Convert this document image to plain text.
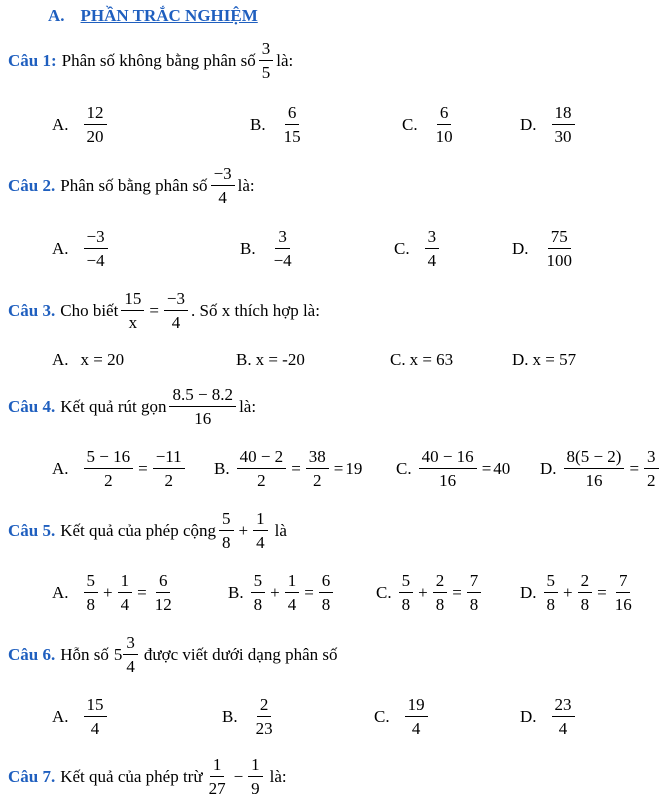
A. PHẦN TRẮC NGHIỆM
Câu 1: Phân số không bằng phân số $\frac{3}{5}$ là:
A. $\frac{12}{20}$	B. $\frac{6}{15}$	C. $\frac{6}{10}$	D. $\frac{18}{30}$
Câu 2. Phân số bằng phân số $\frac{-3}{4}$ là:
A. $\frac{-3}{-4}$	B. $\frac{3}{-4}$	C. $\frac{3}{4}$	D. $\frac{75}{100}$
Câu 3. Cho biết $\frac{15}{x} = \frac{-3}{4}$ . Số x thích hợp là:
A. x = 20	B. x = -20	C. x = 63	D. x = 57
Câu 4. Kết quả rút gọn $\frac{8.5 - 8.2}{16}$ là:
A. $\frac{5 - 16}{2} = \frac{-11}{2} B$. $\frac{40 - 2}{2} = \frac{38}{2} = 19$ C. $\frac{40 - 16}{16} = 40$ D. $\frac{8(5 - 2)}{16} = \frac{3}{2}$
Câu 5. Kết quả của phép cộng $\frac{5}{8} + \frac{1}{4}$ là
A. $\frac{5}{8} + \frac{1}{4} = \frac{6}{12}$	B. $\frac{5}{8} + \frac{1}{4} = \frac{6}{8}$	C. $\frac{5}{8} + \frac{2}{8} = \frac{7}{8} D$. $\frac{5}{8} + \frac{2}{8} = \frac{7}{16}$
Câu 6. Hỗn số $5 \frac{3}{4}$ được viết dưới dạng phân số
A. $\frac{15}{4}$	B. $\frac{2}{23}$	C. $\frac{19}{4}$	D. $\frac{23}{4}$
Câu 7. Kết quả của phép trừ $\frac{1}{27} - \frac{1}{9}$ là:
